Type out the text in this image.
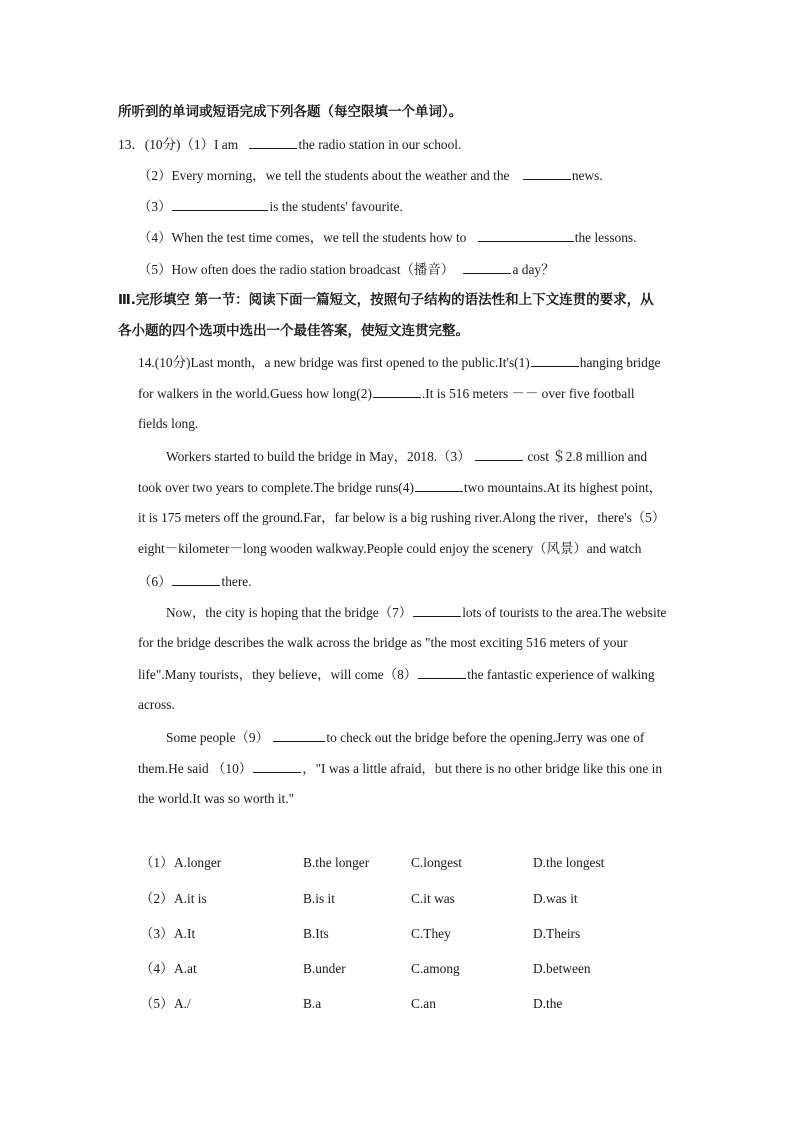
所听到的单词或短语完成下列各题（每空限填一个单词）。
13．(10分)（1）I am	the radio station in our school.
（2）Every morning，we tell the students about the weather and the	news.
（3）	is the students' favourite.
（4）When the test time comes，we tell the students how to	the lessons.
（5）How often does the radio station broadcast（播音）	a day？
Ⅲ.完形填空 第一节：阅读下面一篇短文，按照句子结构的语法性和上下文连贯的要求，从
各小题的四个选项中选出一个最佳答案，使短文连贯完整。
14.(10分)Last month，a new bridge was first opened to the public.It's(1)	hanging bridge
for walkers in the world.Guess how long(2)	.It is 516 meters －－ over five football
fields long.
Workers started to build the bridge in May，2018.（3）	cost ＄2.8 million and
took over two years to complete.The bridge runs(4)	two mountains.At its highest point，
it is 175 meters off the ground.Far，far below is a big rushing river.Along the river，there's（5）
eight－kilometer－long wooden walkway.People could enjoy the scenery（风景）and watch
（6）	there.
Now，the city is hoping that the bridge（7）	lots of tourists to the area.The website
for the bridge describes the walk across the bridge as "the most exciting 516 meters of your
life".Many tourists，they believe，will come（8）	the fantastic experience of walking
across.
Some people（9）	to check out the bridge before the opening.Jerry was one of
them.He said （10）	，"I was a little afraid，but there is no other bridge like this one in
the world.It was so worth it."
（1） A.longer	B.the longer	C.longest	D.the longest
（2） A.it is	B.is it	C.it was	D.was it
（3） A.It	B.Its	C.They	D.Theirs
（4） A.at	B.under	C.among	D.between
（5） A./	B.a	C.an	D.the
